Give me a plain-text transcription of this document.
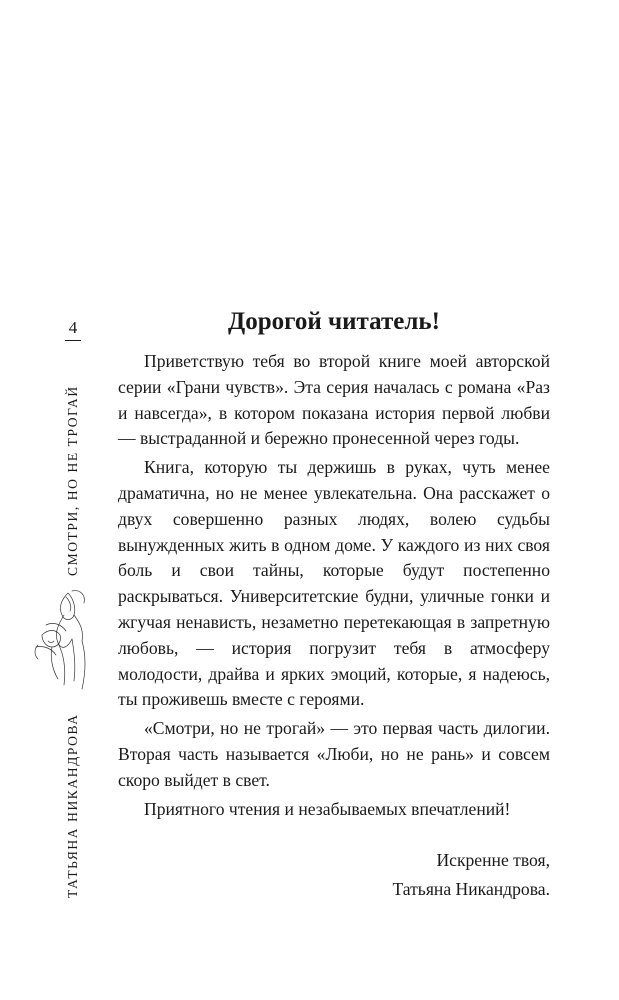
4
СМОТРИ, НО НЕ ТРОГАЙ
ТАТЬЯНА НИКАНДРОВА
Дорогой читатель!

Приветствую тебя во второй книге моей авторской серии «Грани чувств». Эта серия началась с романа «Раз и навсегда», в котором показана история первой любви — выстраданной и бережно пронесенной через годы.

Книга, которую ты держишь в руках, чуть менее драматична, но не менее увлекательна. Она расскажет о двух совершенно разных людях, волею судьбы вынужденных жить в одном доме. У каждого из них своя боль и свои тайны, которые будут постепенно раскрываться. Университетские будни, уличные гонки и жгучая ненависть, незаметно перетекающая в запретную любовь, — история погрузит тебя в атмосферу молодости, драйва и ярких эмоций, которые, я надеюсь, ты проживешь вместе с героями.

«Смотри, но не трогай» — это первая часть дилогии. Вторая часть называется «Люби, но не рань» и совсем скоро выйдет в свет.

Приятного чтения и незабываемых впечатлений!

Искренне твоя,
Татьяна Никандрова.
